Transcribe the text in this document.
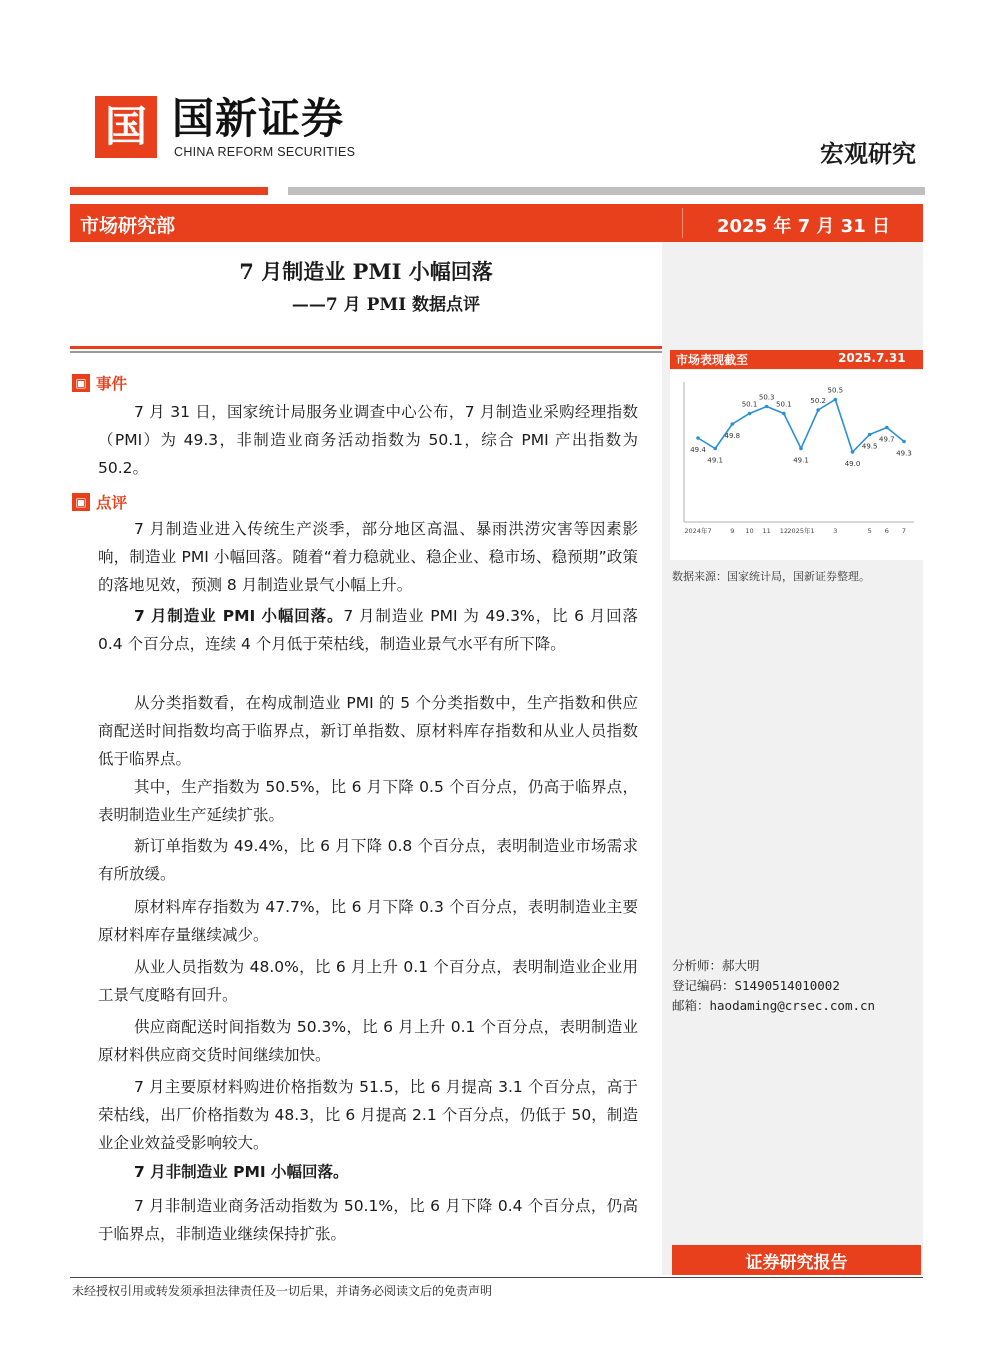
国 国新证券
CHINA REFORM SECURITIES	宏观研究
市场研究部	2025 年 7 月 31 日
7 月制造业 PMI 小幅回落
——7 月 PMI 数据点评
▣ 事件

7 月 31 日，国家统计局服务业调查中心公布，7 月制造业采购经理指数（PMI）为 49.3，非制造业商务活动指数为 50.1，综合 PMI 产出指数为 50.2。

▣ 点评

7 月制造业进入传统生产淡季，部分地区高温、暴雨洪涝灾害等因素影响，制造业 PMI 小幅回落。随着“着力稳就业、稳企业、稳市场、稳预期”政策的落地见效，预测 8 月制造业景气小幅上升。

7 月制造业 PMI 小幅回落。7 月制造业 PMI 为 49.3%，比 6 月回落 0.4 个百分点，连续 4 个月低于荣枯线，制造业景气水平有所下降。

从分类指数看，在构成制造业 PMI 的 5 个分类指数中，生产指数和供应商配送时间指数均高于临界点，新订单指数、原材料库存指数和从业人员指数低于临界点。

其中，生产指数为 50.5%，比 6 月下降 0.5 个百分点，仍高于临界点，表明制造业生产延续扩张。

新订单指数为 49.4%，比 6 月下降 0.8 个百分点，表明制造业市场需求有所放缓。

原材料库存指数为 47.7%，比 6 月下降 0.3 个百分点，表明制造业主要原材料库存量继续减少。

从业人员指数为 48.0%，比 6 月上升 0.1 个百分点，表明制造业企业用工景气度略有回升。

供应商配送时间指数为 50.3%，比 6 月上升 0.1 个百分点，表明制造业原材料供应商交货时间继续加快。

7 月主要原材料购进价格指数为 51.5，比 6 月提高 3.1 个百分点，高于荣枯线，出厂价格指数为 48.3，比 6 月提高 2.1 个百分点，仍低于 50，制造业企业效益受影响较大。

7 月非制造业 PMI 小幅回落。

7 月非制造业商务活动指数为 50.1%，比 6 月下降 0.4 个百分点，仍高于临界点，非制造业继续保持扩张。

市场表现截至	2025.7.31
49.4
49.1
49.8
50.1
50.3
50.1
49.1
50.2
50.5
49.0
49.5
49.7
49.3
2024年7	9 10 11 12 2025年1	3	5 6 7
数据来源：国家统计局，国新证券整理。
分析师：郝大明
登记编码：S1490514010002
邮箱：haodaming@crsec.com.cn
证券研究报告
未经授权引用或转发须承担法律责任及一切后果，并请务必阅读文后的免责声明
